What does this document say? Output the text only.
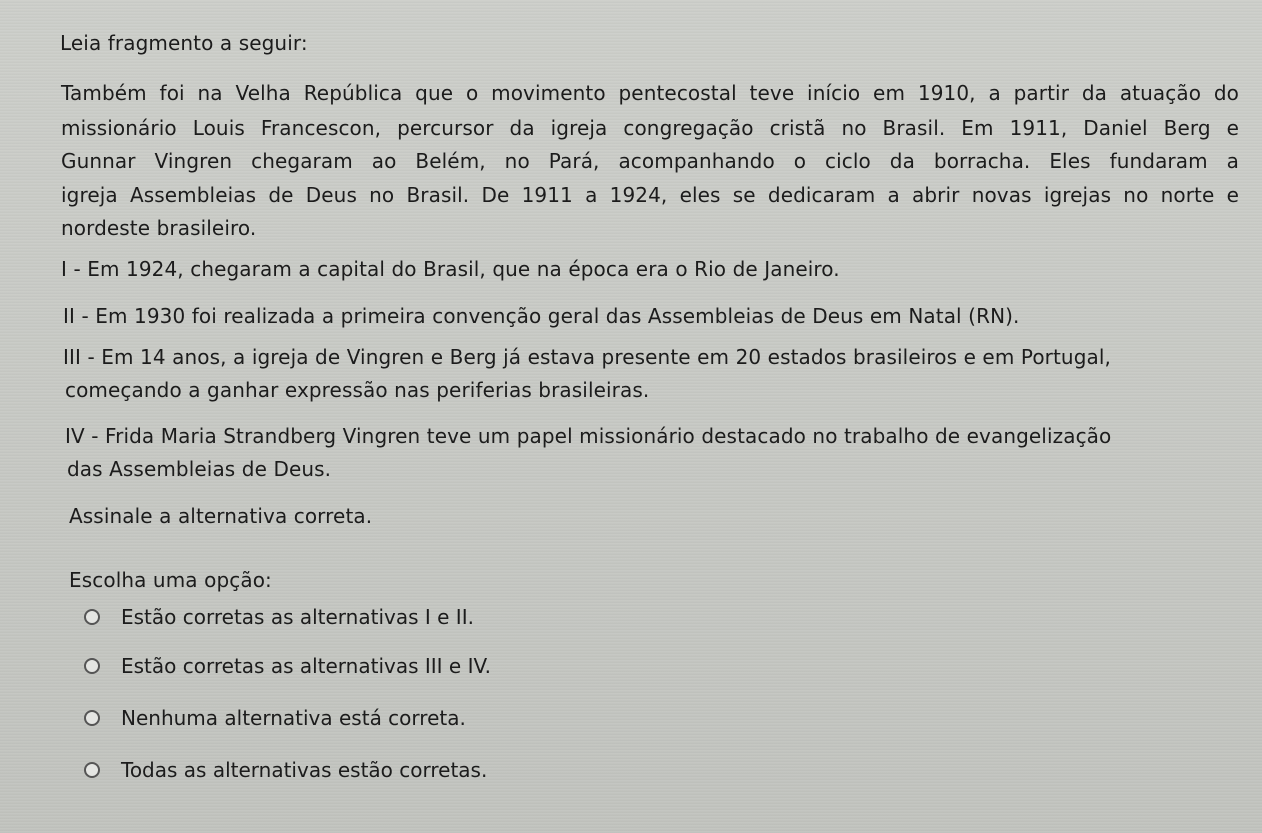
Leia fragmento a seguir:
Também foi na Velha República que o movimento pentecostal teve início em 1910, a partir da atuação do
missionário Louis Francescon, percursor da igreja congregação cristã no Brasil. Em 1911, Daniel Berg e
Gunnar Vingren chegaram ao Belém, no Pará, acompanhando o ciclo da borracha. Eles fundaram a
igreja Assembleias de Deus no Brasil. De 1911 a 1924, eles se dedicaram a abrir novas igrejas no norte e
nordeste brasileiro.
I - Em 1924, chegaram a capital do Brasil, que na época era o Rio de Janeiro.
II - Em 1930 foi realizada a primeira convenção geral das Assembleias de Deus em Natal (RN).
III - Em 14 anos, a igreja de Vingren e Berg já estava presente em 20 estados brasileiros e em Portugal,
começando a ganhar expressão nas periferias brasileiras.
IV - Frida Maria Strandberg Vingren teve um papel missionário destacado no trabalho de evangelização
das Assembleias de Deus.
Assinale a alternativa correta.
Escolha uma opção:
Estão corretas as alternativas I e II.
Estão corretas as alternativas III e IV.
Nenhuma alternativa está correta.
Todas as alternativas estão corretas.
